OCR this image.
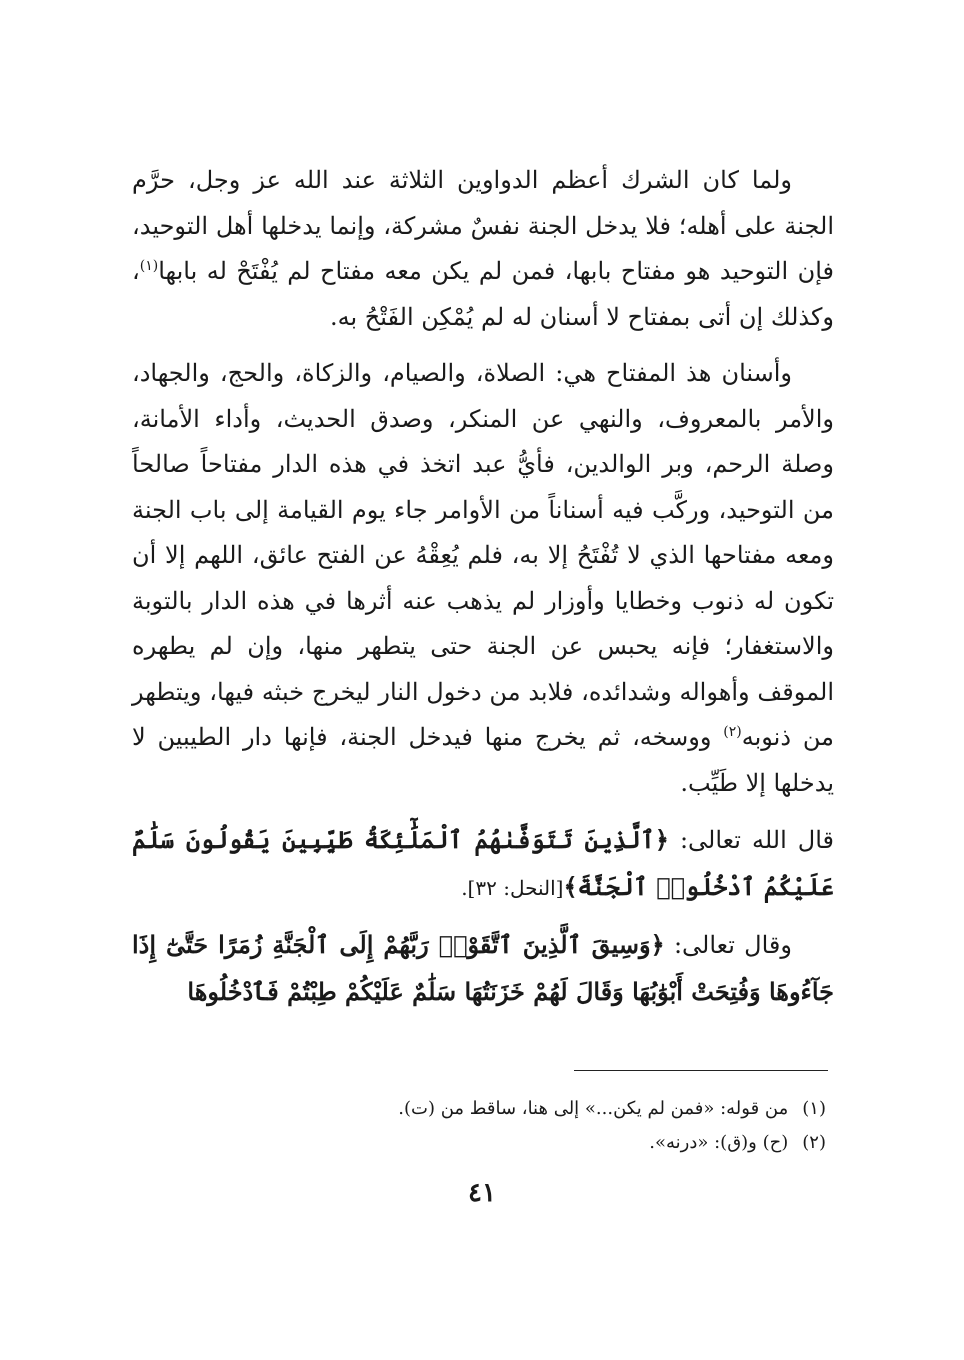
ولما كان الشرك أعظم الدواوين الثلاثة عند الله عز وجل، حرَّم الجنة على أهله؛ فلا يدخل الجنة نفسٌ مشركة، وإنما يدخلها أهل التوحيد، فإن التوحيد هو مفتاح بابها، فمن لم يكن معه مفتاح لم يُفْتَحْ له بابها$^{(١)}$، وكذلك إن أتى بمفتاح لا أسنان له لم يُمْكِن الفَتْحُ به.

وأسنان هذ المفتاح هي: الصلاة، والصيام، والزكاة، والحج، والجهاد، والأمر بالمعروف، والنهي عن المنكر، وصدق الحديث، وأداء الأمانة، وصلة الرحم، وبر الوالدين، فأيُّ عبد اتخذ في هذه الدار مفتاحاً صالحاً من التوحيد، وركَّب فيه أسناناً من الأوامر جاء يوم القيامة إلى باب الجنة ومعه مفتاحها الذي لا تُفْتَحُ إلا به، فلم يُعِقْهُ عن الفتح عائق، اللهم إلا أن تكون له ذنوب وخطايا وأوزار لم يذهب عنه أثرها في هذه الدار بالتوبة والاستغفار؛ فإنه يحبس عن الجنة حتى يتطهر منها، وإن لم يطهره الموقف وأهواله وشدائده، فلابد من دخول النار ليخرج خبثه فيها، ويتطهر من ذنوبه$^{(٢)}$ ووسخه، ثم يخرج منها فيدخل الجنة، فإنها دار الطيبين لا يدخلها إلا طَيِّب.

قال الله تعالى: ﴿ٱلَّذِينَ تَتَوَفَّىٰهُمُ ٱلْمَلَٰٓئِكَةُ طَيِّبِينَ يَقُولُونَ سَلَٰمٌ عَلَيْكُمُ ٱدْخُلُوا۟ ٱلْجَنَّةَ﴾[النحل: ٣٢].

وقال تعالى: ﴿وَسِيقَ ٱلَّذِينَ ٱتَّقَوْا۟ رَبَّهُمْ إِلَى ٱلْجَنَّةِ زُمَرًا حَتَّىٰٓ إِذَا جَآءُوهَا وَفُتِحَتْ أَبْوَٰبُهَا وَقَالَ لَهُمْ خَزَنَتُهَا سَلَٰمٌ عَلَيْكُمْ طِبْتُمْ فَٱدْخُلُوهَا

(١)من قوله: «فمن لم يكن...» إلى هنا، ساقط من (ت).

(٢)(ح) و(ق): «درنه».

٤١
